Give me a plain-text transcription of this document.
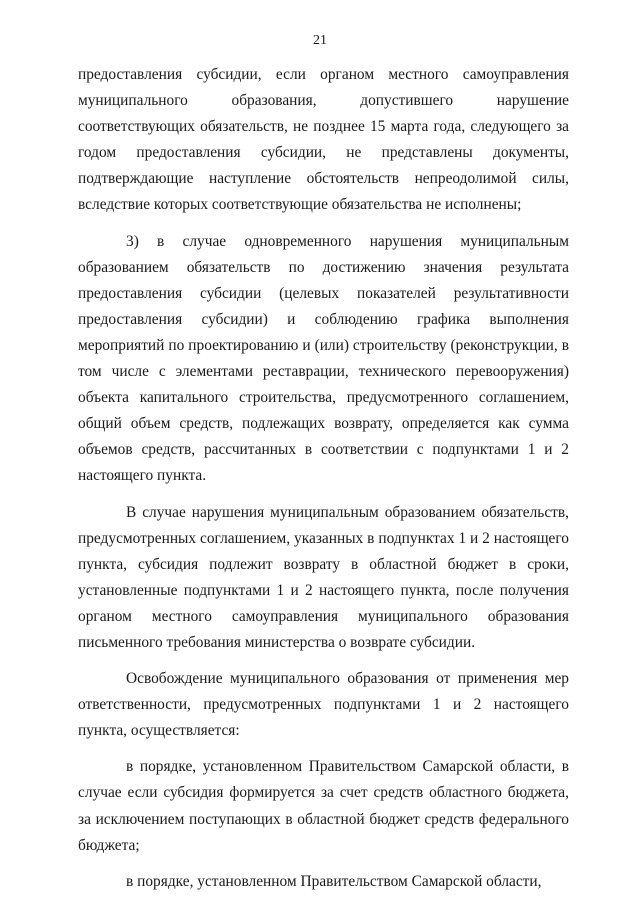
21

предоставления субсидии, если органом местного самоуправления муниципального образования, допустившего нарушение соответствующих обязательств, не позднее 15 марта года, следующего за годом предоставления субсидии, не представлены документы, подтверждающие наступление обстоятельств непреодолимой силы, вследствие которых соответствующие обязательства не исполнены;

3) в случае одновременного нарушения муниципальным образованием обязательств по достижению значения результата предоставления субсидии (целевых показателей результативности предоставления субсидии) и соблюдению графика выполнения мероприятий по проектированию и (или) строительству (реконструкции, в том числе с элементами реставрации, технического перевооружения) объекта капитального строительства, предусмотренного соглашением, общий объем средств, подлежащих возврату, определяется как сумма объемов средств, рассчитанных в соответствии с подпунктами 1 и 2 настоящего пункта.

В случае нарушения муниципальным образованием обязательств, предусмотренных соглашением, указанных в подпунктах 1 и 2 настоящего пункта, субсидия подлежит возврату в областной бюджет в сроки, установленные подпунктами 1 и 2 настоящего пункта, после получения органом местного самоуправления муниципального образования письменного требования министерства о возврате субсидии.

Освобождение муниципального образования от применения мер ответственности, предусмотренных подпунктами 1 и 2 настоящего пункта, осуществляется:

в порядке, установленном Правительством Самарской области, в случае если субсидия формируется за счет средств областного бюджета, за исключением поступающих в областной бюджет средств федерального бюджета;

в порядке, установленном Правительством Самарской области,
